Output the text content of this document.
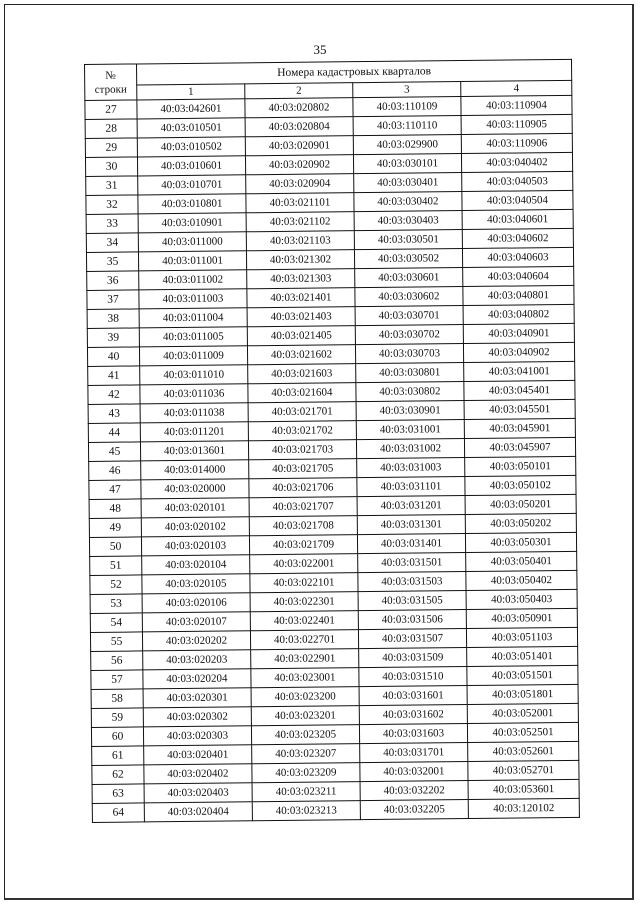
35
№
строки	Номера кадастровых кварталов			
	1	2	3	4
27	40:03:042601	40:03:020802	40:03:110109	40:03:110904
28	40:03:010501	40:03:020804	40:03:110110	40:03:110905
29	40:03:010502	40:03:020901	40:03:029900	40:03:110906
30	40:03:010601	40:03:020902	40:03:030101	40:03:040402
31	40:03:010701	40:03:020904	40:03:030401	40:03:040503
32	40:03:010801	40:03:021101	40:03:030402	40:03:040504
33	40:03:010901	40:03:021102	40:03:030403	40:03:040601
34	40:03:011000	40:03:021103	40:03:030501	40:03:040602
35	40:03:011001	40:03:021302	40:03:030502	40:03:040603
36	40:03:011002	40:03:021303	40:03:030601	40:03:040604
37	40:03:011003	40:03:021401	40:03:030602	40:03:040801
38	40:03:011004	40:03:021403	40:03:030701	40:03:040802
39	40:03:011005	40:03:021405	40:03:030702	40:03:040901
40	40:03:011009	40:03:021602	40:03:030703	40:03:040902
41	40:03:011010	40:03:021603	40:03:030801	40:03:041001
42	40:03:011036	40:03:021604	40:03:030802	40:03:045401
43	40:03:011038	40:03:021701	40:03:030901	40:03:045501
44	40:03:011201	40:03:021702	40:03:031001	40:03:045901
45	40:03:013601	40:03:021703	40:03:031002	40:03:045907
46	40:03:014000	40:03:021705	40:03:031003	40:03:050101
47	40:03:020000	40:03:021706	40:03:031101	40:03:050102
48	40:03:020101	40:03:021707	40:03:031201	40:03:050201
49	40:03:020102	40:03:021708	40:03:031301	40:03:050202
50	40:03:020103	40:03:021709	40:03:031401	40:03:050301
51	40:03:020104	40:03:022001	40:03:031501	40:03:050401
52	40:03:020105	40:03:022101	40:03:031503	40:03:050402
53	40:03:020106	40:03:022301	40:03:031505	40:03:050403
54	40:03:020107	40:03:022401	40:03:031506	40:03:050901
55	40:03:020202	40:03:022701	40:03:031507	40:03:051103
56	40:03:020203	40:03:022901	40:03:031509	40:03:051401
57	40:03:020204	40:03:023001	40:03:031510	40:03:051501
58	40:03:020301	40:03:023200	40:03:031601	40:03:051801
59	40:03:020302	40:03:023201	40:03:031602	40:03:052001
60	40:03:020303	40:03:023205	40:03:031603	40:03:052501
61	40:03:020401	40:03:023207	40:03:031701	40:03:052601
62	40:03:020402	40:03:023209	40:03:032001	40:03:052701
63	40:03:020403	40:03:023211	40:03:032202	40:03:053601
64	40:03:020404	40:03:023213	40:03:032205	40:03:120102
